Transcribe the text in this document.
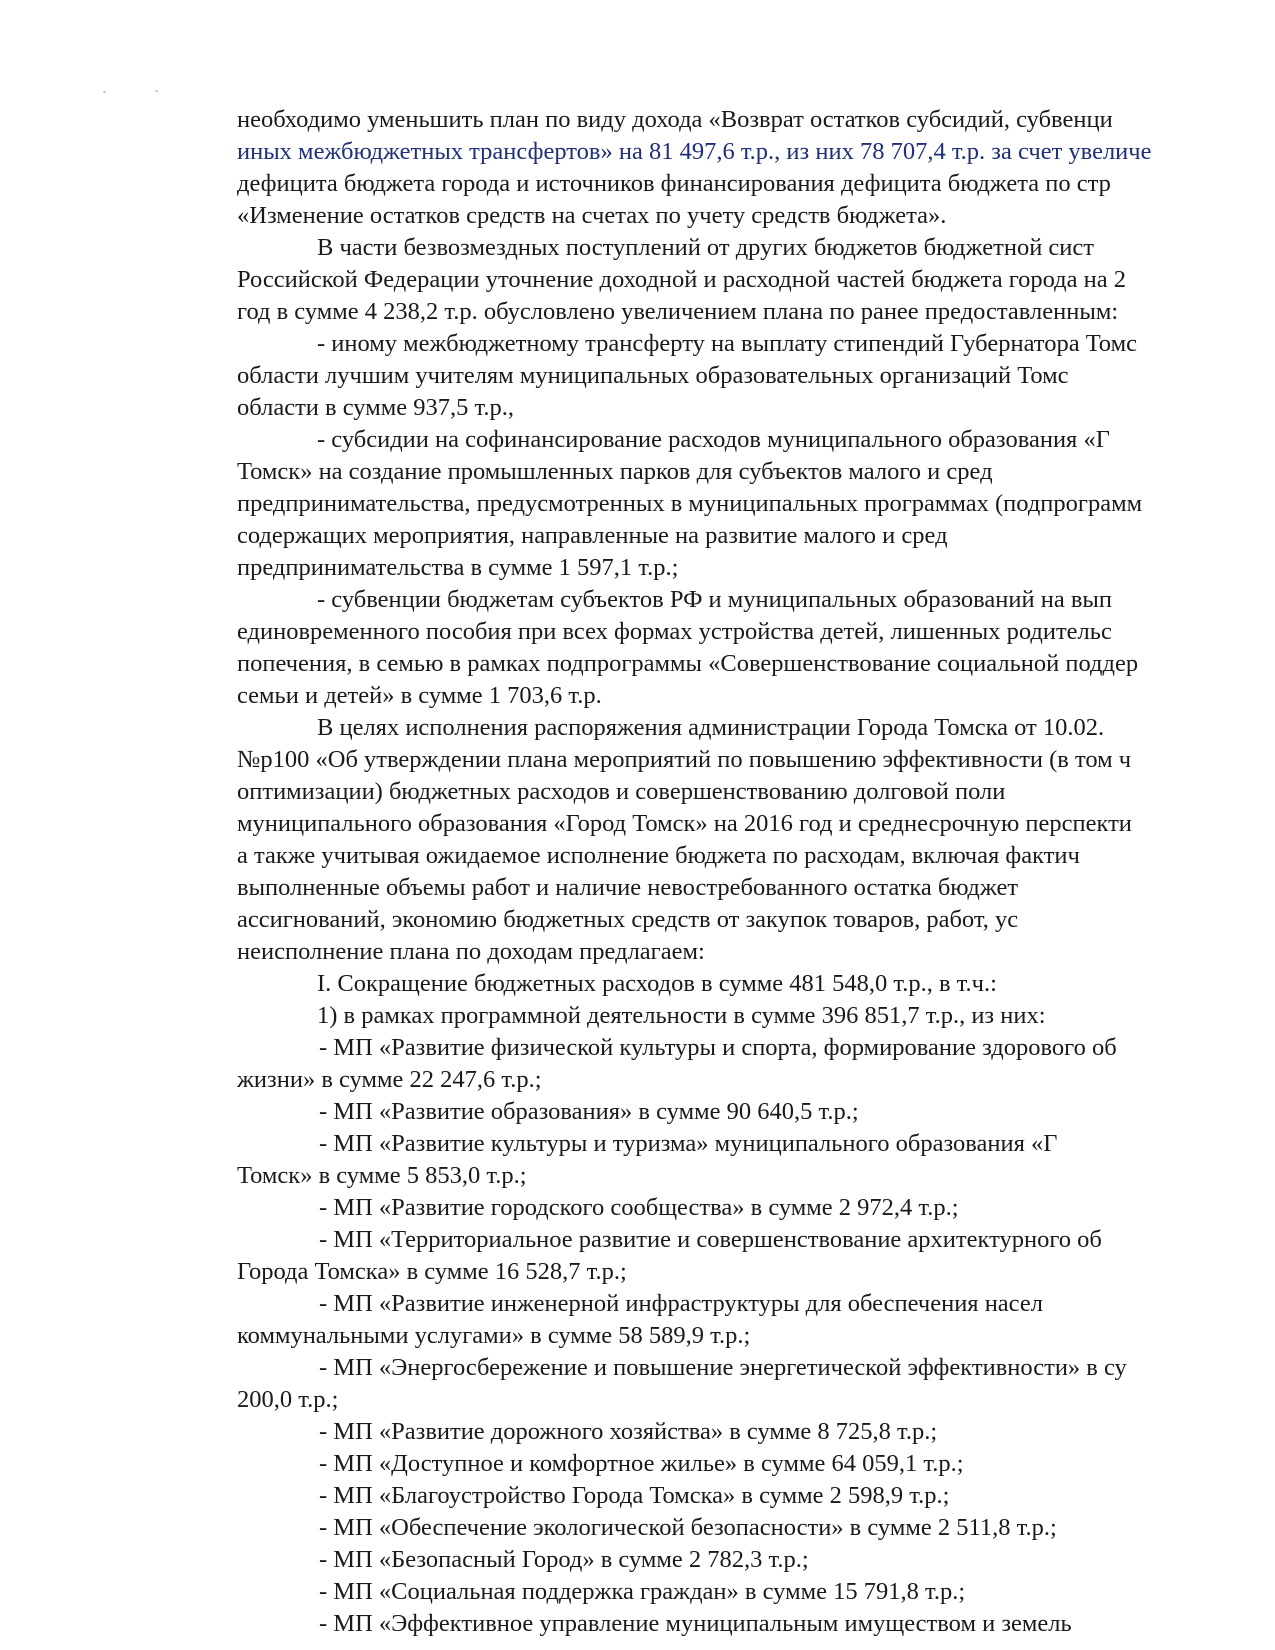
необходимо уменьшить план по виду дохода «Возврат остатков субсидий, субвенци
иных межбюджетных трансфертов» на 81 497,6 т.р., из них 78 707,4 т.р. за счет увеличе
дефицита бюджета города и источников финансирования дефицита бюджета по стр
«Изменение остатков средств на счетах по учету средств бюджета».
В части безвозмездных поступлений от других бюджетов бюджетной сист
Российской Федерации уточнение доходной и расходной частей бюджета города на 2
год в сумме 4 238,2 т.р. обусловлено увеличением плана по ранее предоставленным:
- иному межбюджетному трансферту на выплату стипендий Губернатора Томс
области лучшим учителям муниципальных образовательных организаций Томс
области в сумме 937,5 т.р.,
- субсидии на софинансирование расходов муниципального образования «Г
Томск» на создание промышленных парков для субъектов малого и сред
предпринимательства, предусмотренных в муниципальных программах (подпрограмм
содержащих мероприятия, направленные на развитие малого и сред
предпринимательства в сумме 1 597,1 т.р.;
- субвенции бюджетам субъектов РФ и муниципальных образований на вып
единовременного пособия при всех формах устройства детей, лишенных родительс
попечения, в семью в рамках подпрограммы «Совершенствование социальной поддер
семьи и детей» в сумме 1 703,6 т.р.
В целях исполнения распоряжения администрации Города Томска от 10.02.
№р100 «Об утверждении плана мероприятий по повышению эффективности (в том ч
оптимизации) бюджетных расходов и совершенствованию долговой поли
муниципального образования «Город Томск» на 2016 год и среднесрочную перспекти
а также учитывая ожидаемое исполнение бюджета по расходам, включая фактич
выполненные объемы работ и наличие невостребованного остатка бюджет
ассигнований, экономию бюджетных средств от закупок товаров, работ, ус
неисполнение плана по доходам предлагаем:
I. Сокращение бюджетных расходов в сумме 481 548,0 т.р., в т.ч.:
1) в рамках программной деятельности в сумме 396 851,7 т.р., из них:
- МП «Развитие физической культуры и спорта, формирование здорового об
жизни» в сумме 22 247,6 т.р.;
- МП «Развитие образования» в сумме 90 640,5 т.р.;
- МП «Развитие культуры и туризма» муниципального образования «Г
Томск» в сумме 5 853,0 т.р.;
- МП «Развитие городского сообщества» в сумме 2 972,4 т.р.;
- МП «Территориальное развитие и совершенствование архитектурного об
Города Томска» в сумме 16 528,7 т.р.;
- МП «Развитие инженерной инфраструктуры для обеспечения насел
коммунальными услугами» в сумме 58 589,9 т.р.;
- МП «Энергосбережение и повышение энергетической эффективности» в су
200,0 т.р.;
- МП «Развитие дорожного хозяйства» в сумме 8 725,8 т.р.;
- МП «Доступное и комфортное жилье» в сумме 64 059,1 т.р.;
- МП «Благоустройство Города Томска» в сумме 2 598,9 т.р.;
- МП «Обеспечение экологической безопасности» в сумме 2 511,8 т.р.;
- МП «Безопасный Город» в сумме 2 782,3 т.р.;
- МП «Социальная поддержка граждан» в сумме 15 791,8 т.р.;
- МП «Эффективное управление муниципальным имуществом и земель
